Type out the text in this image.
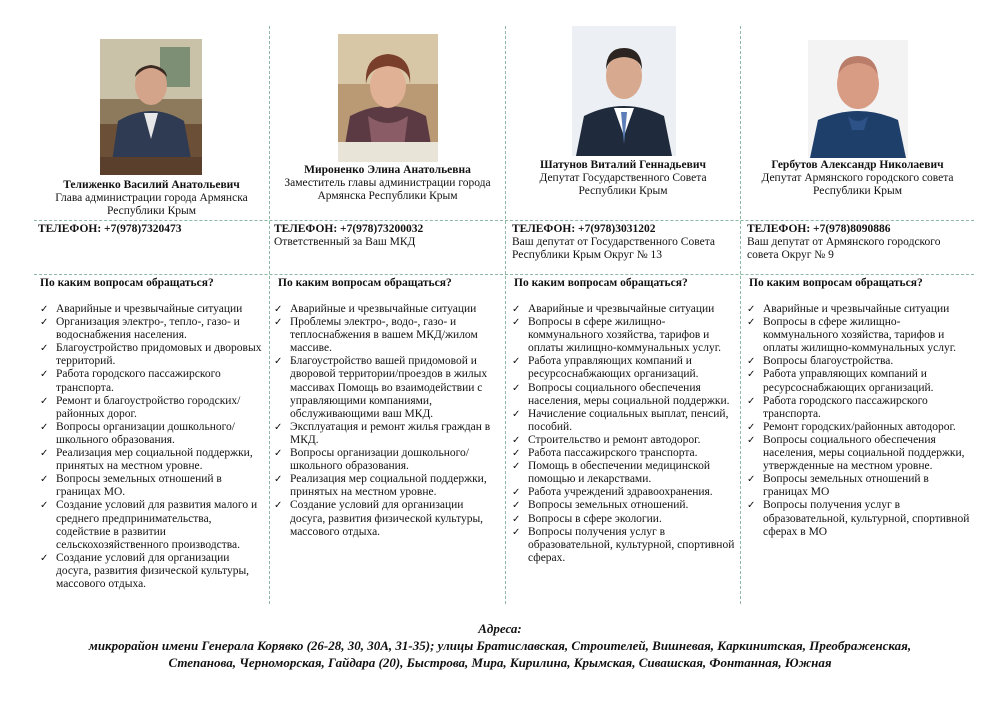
Телиженко Василий Анатольевич
Глава администрации города Армянска Республики Крым
ТЕЛЕФОН: +7(978)7320473
По каким вопросам обращаться?
✓ Аварийные и чрезвычайные ситуации
✓ Организация электро-, тепло-, газо- и водоснабжения населения.
✓ Благоустройство придомовых и дворовых территорий.
✓ Работа городского пассажирского транспорта.
✓ Ремонт и благоустройство городских/районных дорог.
✓ Вопросы организации дошкольного/школьного образования.
✓ Реализация мер социальной поддержки, принятых на местном уровне.
✓ Вопросы земельных отношений в границах МО.
✓ Создание условий для развития малого и среднего предпринимательства, содействие в развитии сельскохозяйственного производства.
✓ Создание условий для организации досуга, развития физической культуры, массового отдыха.
Мироненко Элина Анатольевна
Заместитель главы администрации города Армянска Республики Крым
ТЕЛЕФОН: +7(978)73200032
Ответственный за Ваш МКД
По каким вопросам обращаться?
✓ Аварийные и чрезвычайные ситуации
✓ Проблемы электро-, водо-, газо- и теплоснабжения в вашем МКД/жилом массиве.
✓ Благоустройство вашей придомовой и дворовой территории/проездов в жилых массивах Помощь во взаимодействии с управляющими компаниями, обслуживающими ваш МКД.
✓ Эксплуатация и ремонт жилья граждан в МКД.
✓ Вопросы организации дошкольного/школьного образования.
✓ Реализация мер социальной поддержки, принятых на местном уровне.
✓ Создание условий для организации досуга, развития физической культуры, массового отдыха.
Шатунов Виталий Геннадьевич
Депутат Государственного Совета Республики Крым
ТЕЛЕФОН: +7(978)3031202
Ваш депутат от Государственного Совета Республики Крым Округ № 13
По каким вопросам обращаться?
✓ Аварийные и чрезвычайные ситуации
✓ Вопросы в сфере жилищно-коммунального хозяйства, тарифов и оплаты жилищно-коммунальных услуг.
✓ Работа управляющих компаний и ресурсоснабжающих организаций.
✓ Вопросы социального обеспечения населения, меры социальной поддержки.
✓ Начисление социальных выплат, пенсий, пособий.
✓ Строительство и ремонт автодорог.
✓ Работа пассажирского транспорта.
✓ Помощь в обеспечении медицинской помощью и лекарствами.
✓ Работа учреждений здравоохранения.
✓ Вопросы земельных отношений.
✓ Вопросы в сфере экологии.
✓ Вопросы получения услуг в образовательной, культурной, спортивной сферах.
Гербутов Александр Николаевич
Депутат Армянского городского совета Республики Крым
ТЕЛЕФОН: +7(978)8090886
Ваш депутат от Армянского городского совета Округ № 9
По каким вопросам обращаться?
✓ Аварийные и чрезвычайные ситуации
✓ Вопросы в сфере жилищно-коммунального хозяйства, тарифов и оплаты жилищно-коммунальных услуг.
✓ Вопросы благоустройства.
✓ Работа управляющих компаний и ресурсоснабжающих организаций.
✓ Работа городского пассажирского транспорта.
✓ Ремонт городских/районных автодорог.
✓ Вопросы социального обеспечения населения, меры социальной поддержки, утвержденные на местном уровне.
✓ Вопросы земельных отношений в границах МО
✓ Вопросы получения услуг в образовательной, культурной, спортивной сферах в МО
Адреса:
микрорайон имени Генерала Корявко (26-28, 30, 30А, 31-35); улицы Братиславская, Строителей, Вишневая, Каркинитская, Преображенская,
Степанова, Черноморская, Гайдара (20), Быстрова, Мира, Кирилина, Крымская, Сивашская, Фонтанная, Южная
